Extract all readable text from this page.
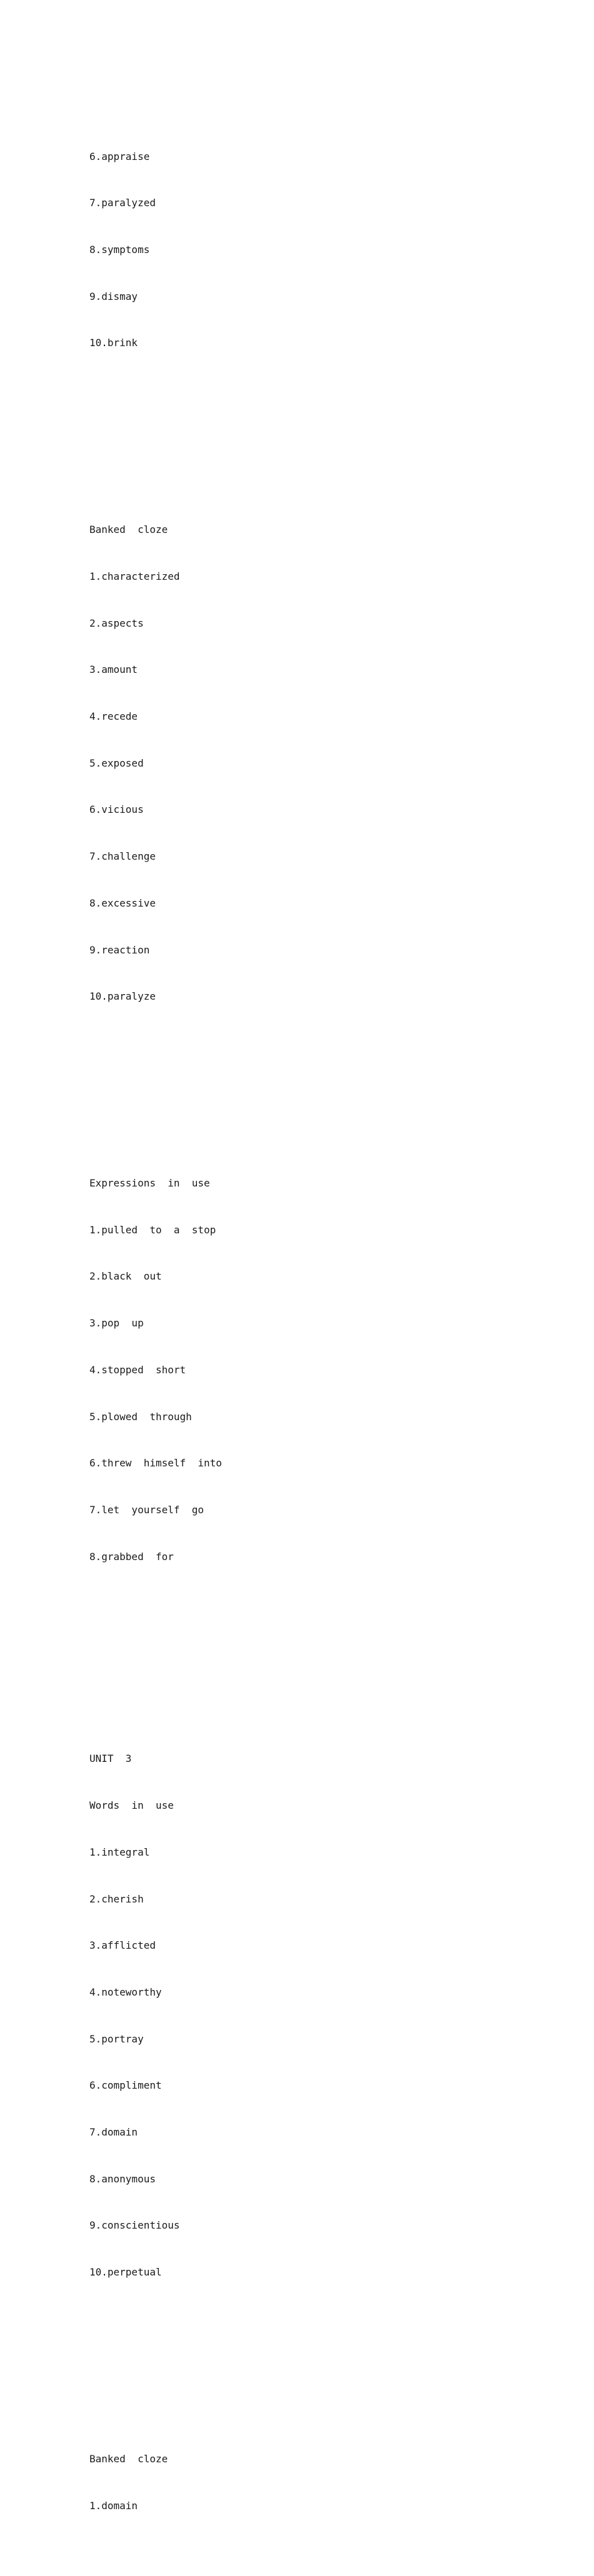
6.appraise

7.paralyzed

8.symptoms

9.dismay

10.brink

Banked  cloze

1.characterized

2.aspects

3.amount

4.recede

5.exposed

6.vicious

7.challenge

8.excessive

9.reaction

10.paralyze

Expressions  in  use

1.pulled  to  a  stop

2.black  out

3.pop  up

4.stopped  short

5.plowed  through

6.threw  himself  into

7.let  yourself  go

8.grabbed  for

UNIT  3

Words  in  use

1.integral

2.cherish

3.afflicted

4.noteworthy

5.portray

6.compliment

7.domain

8.anonymous

9.conscientious

10.perpetual

Banked  cloze

1.domain
